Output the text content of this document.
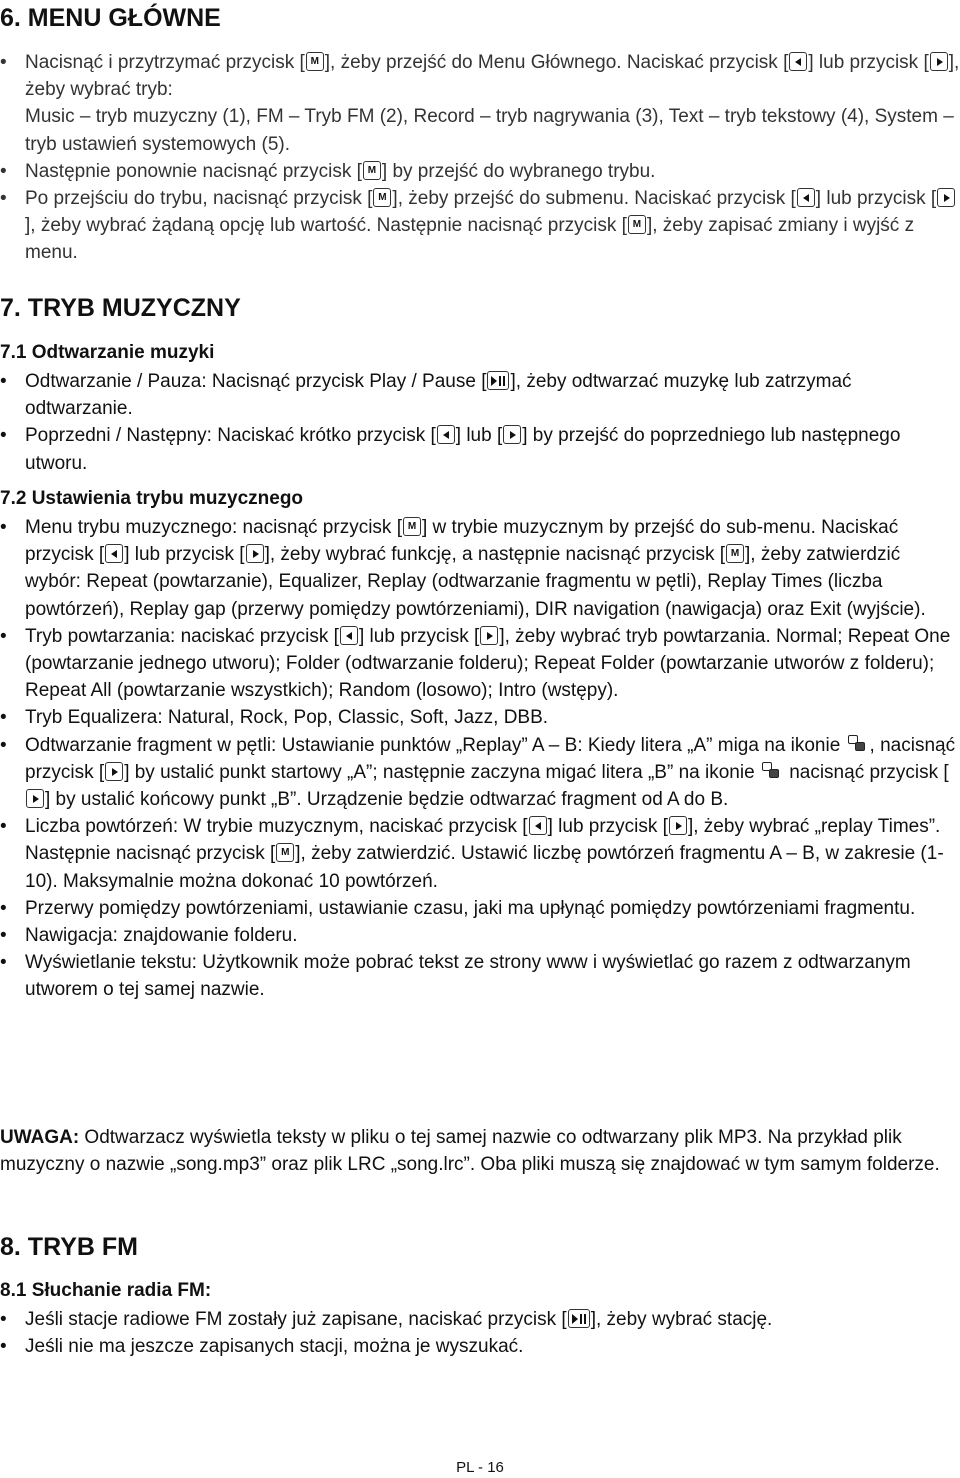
6. MENU GŁÓWNE
• Nacisnąć i przytrzymać przycisk [ M ], żeby przejść do Menu Głównego. Naciskać przycisk [ ] lub przycisk [ ], żeby wybrać tryb:
Music – tryb muzyczny (1), FM – Tryb FM (2), Record – tryb nagrywania (3), Text – tryb tekstowy (4), System – tryb ustawień systemowych (5).
• Następnie ponownie nacisnąć przycisk [ M ] by przejść do wybranego trybu.
• Po przejściu do trybu, nacisnąć przycisk [ M ], żeby przejść do submenu. Naciskać przycisk [ ] lub przycisk [
], żeby wybrać żądaną opcję lub wartość. Następnie nacisnąć przycisk [ M ], żeby zapisać zmiany i wyjść z menu.
7. TRYB MUZYCZNY
7.1 Odtwarzanie muzyki
• Odtwarzanie / Pauza: Nacisnąć przycisk Play / Pause [ ], żeby odtwarzać muzykę lub zatrzymać odtwarzanie.
• Poprzedni / Następny: Naciskać krótko przycisk [ ] lub [ ] by przejść do poprzedniego lub następnego utworu.
7.2 Ustawienia trybu muzycznego
• Menu trybu muzycznego: nacisnąć przycisk [ M ] w trybie muzycznym by przejść do sub-menu. Naciskać przycisk [ ] lub przycisk [ ], żeby wybrać funkcję, a następnie nacisnąć przycisk [ M ], żeby zatwierdzić wybór: Repeat (powtarzanie), Equalizer, Replay (odtwarzanie fragmentu w pętli), Replay Times (liczba powtórzeń), Replay gap (przerwy pomiędzy powtórzeniami), DIR navigation (nawigacja) oraz Exit (wyjście).
• Tryb powtarzania: naciskać przycisk [ ] lub przycisk [ ], żeby wybrać tryb powtarzania. Normal; Repeat One (powtarzanie jednego utworu); Folder (odtwarzanie folderu); Repeat Folder (powtarzanie utworów z folderu); Repeat All (powtarzanie wszystkich); Random (losowo); Intro (wstępy).
• Tryb Equalizera: Natural, Rock, Pop, Classic, Soft, Jazz, DBB.
• Odtwarzanie fragment w pętli: Ustawianie punktów „Replay” A – B: Kiedy litera „A” miga na ikonie
, nacisnąć przycisk [ ] by ustalić punkt startowy „A”; następnie zaczyna migać litera „B” na ikonie
nacisnąć przycisk [
] by ustalić końcowy punkt „B”. Urządzenie będzie odtwarzać fragment od A do B.
• Liczba powtórzeń: W trybie muzycznym, naciskać przycisk [ ] lub przycisk [ ], żeby wybrać „replay Times”. Następnie nacisnąć przycisk [ M ], żeby zatwierdzić. Ustawić liczbę powtórzeń fragmentu A – B, w zakresie (1-10). Maksymalnie można dokonać 10 powtórzeń.
• Przerwy pomiędzy powtórzeniami, ustawianie czasu, jaki ma upłynąć pomiędzy powtórzeniami fragmentu.
• Nawigacja: znajdowanie folderu.
• Wyświetlanie tekstu: Użytkownik może pobrać tekst ze strony www i wyświetlać go razem z odtwarzanym utworem o tej samej nazwie.

UWAGA: Odtwarzacz wyświetla teksty w pliku o tej samej nazwie co odtwarzany plik MP3. Na przykład plik muzyczny o nazwie „song.mp3” oraz plik LRC „song.lrc”. Oba pliki muszą się znajdować w tym samym folderze.

8. TRYB FM
8.1 Słuchanie radia FM:
• Jeśli stacje radiowe FM zostały już zapisane, naciskać przycisk [ ], żeby wybrać stację.
• Jeśli nie ma jeszcze zapisanych stacji, można je wyszukać.
PL - 16
